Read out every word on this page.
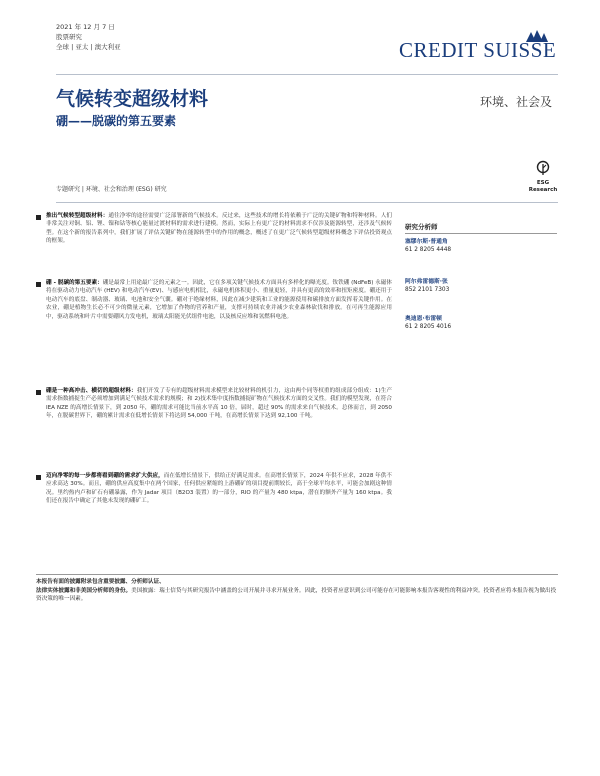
2021 年 12 月 7 日
股票研究
全球 | 亚太 | 澳大利亚	CREDIT SUISSE
气候转变超级材料
硼——脱碳的第五要素
环境、社会及
ESG
Research
专题研究 | 环境、社会和治理 (ESG) 研究
推出气候转型超级材料：通往净零的途径需要广泛部署新的气候技术。反过来，这些技术的增长将依赖于广泛的关键矿物和特种材料。人们非常关注对铜、铝、锂、镍和钴等核心能量过渡材料的需求进行建模。然而，实际上有更广泛的材料需求不仅涉及能源转型，还涉及气候转型。在这个新的报告系列中，我们扩展了评估关键矿物在能源转型中的作用的概念，概述了在更广泛气候转型超级材料概念下评估投资观点的框架。
硼 - 脱碳的第五要素：硼是最常上用途最广泛的元素之一。因此，它在多项关键气候技术方面具有多样化的曝光度。钕铁硼 (NdFeB) 永磁体将在驱动动力电动汽车 (HEV) 和电动汽车(EV)、与感应电机相比，永磁电机体积更小、重量更轻，并具有更高的效率和扭矩密度。硼还用于电动汽车的底盘、制动器、玻璃、电池和安全气囊。硼对于绝缘材料，因此在减少建筑和工业的能源使用和碳排放方面发挥着关键作用。在农业，硼是植物生长必不可少的微量元素，它增加了作物的营养和产量，支撑可持续农业并减少农业森林砍伐和排放。在可再生能源应用中，驱动系统和叶片中需要硼风力发电机，玻璃太阳能光伏组件电池，以及核反应堆和氢燃料电池。
硼是一种高冲击、横切的超级材料：我们开发了专有的超级材料需求模型来比较材料的机引力，这由两个同等权重的组成部分组成：1)生产需求指数捕捉生产必须增加到满足气候技术需求的规模；和 2)技术集中度指数捕捉矿物在气候技术方面的交叉性。我们的模型发现，在符合 IEA NZE 的高增长情景下，到 2050 年，硼的需求可能比当前水平高 10 倍，届时，超过 90% 的需求来自气候技术。总体而言，到 2050 年，在脱碳世界下，硼的累计需求在低增长情景下将达到 54,000 千吨，在高增长情景下达到 92,100 千吨。
迈向净零的每一步都将看到硼的需求扩大供应，而在低增长情景下，供给正好满足需求。在高增长情景下，2024 年供不应求，2028 年供不应求高达 30%。而且，硼的供应高度集中在两个国家，任何供应紧缩的上游硼矿的项目提前期较长，高于全球平均水平，可能会加剧这种情况。里约热内卢和矿石有硼暴露，作为 Jadar 项目（B2O3 装置）的一部分，RIO 的产量为 480 ktpa，潜在的额外产量为 160 ktpa。我们还在报告中确定了其他未发现的硼矿工。
研究分析师
塞缪尔斯·普通角
61 2 8205 4448
阿尔弗雷德斯·张
852 2101 7303
奥迪恩·布雷顿
61 2 8205 4016
本报告有面的披露附录包含重要披露、分析师认证、
法律实体披露和非美国分析师的身份。美国披露：瑞士信贷与其研究报告中涵盖的公司开展并寻求开展业务。因此，投资者应意识到公司可能存在可能影响本报告客观性的利益冲突。投资者应将本报告视为做出投资决策的唯一因素。
